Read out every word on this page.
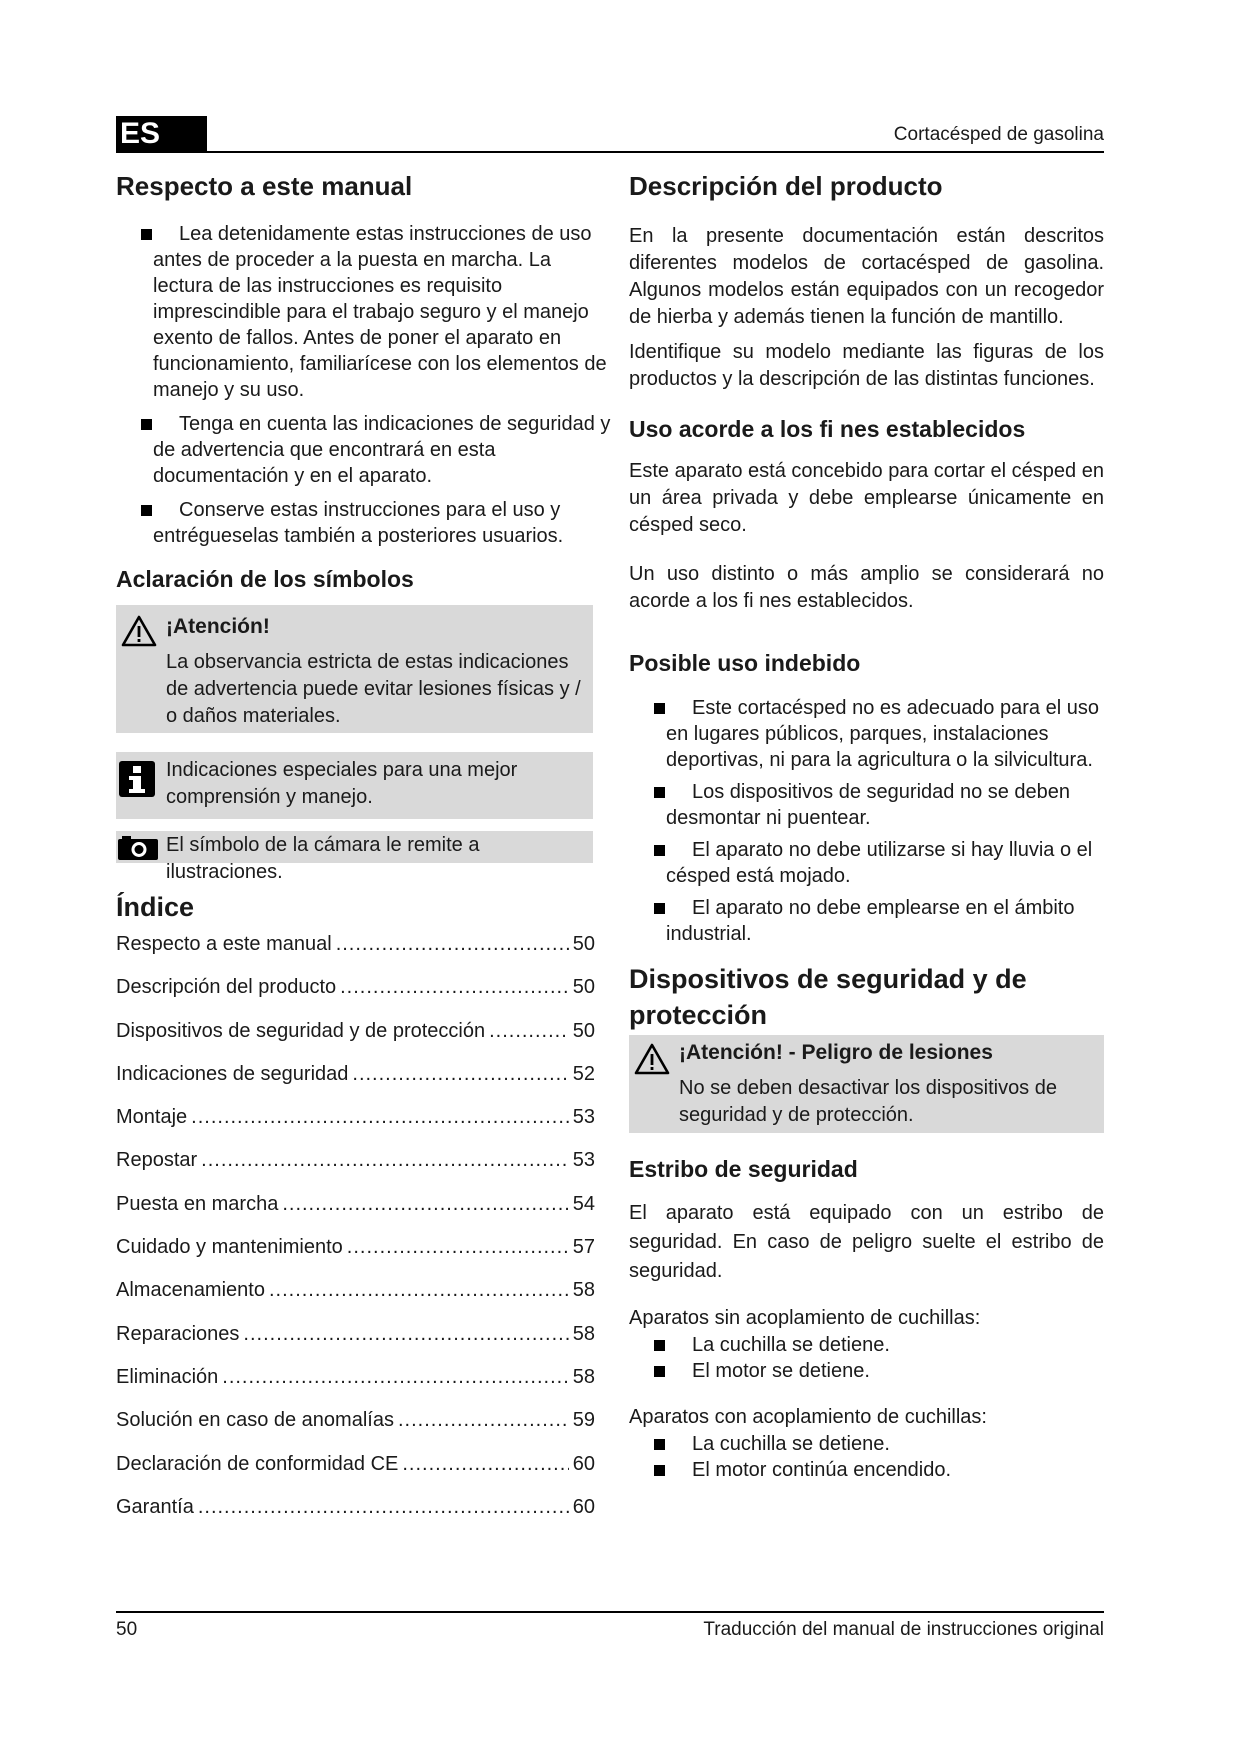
ES	Cortacésped de gasolina
Respecto a este manual
Lea detenidamente estas instrucciones de uso antes de proceder a la puesta en marcha. La lectura de las instrucciones es requisito imprescindible para el trabajo seguro y el manejo exento de fallos. Antes de poner el aparato en funcionamiento, familiarícese con los elementos de manejo y su uso.
Tenga en cuenta las indicaciones de seguridad y de advertencia que encontrará en esta documentación y en el aparato.
Conserve estas instrucciones para el uso y entrégueselas también a posteriores usuarios.
Aclaración de los símbolos
¡Atención!
La observancia estricta de estas indicaciones de advertencia puede evitar lesiones físicas y / o daños materiales.
Indicaciones especiales para una mejor comprensión y manejo.
El símbolo de la cámara le remite a ilustraciones.
Índice
Respecto a este manual .....	50
Descripción del producto .....	50
Dispositivos de seguridad y de protección .....	50
Indicaciones de seguridad .....	52
Montaje .....	53
Repostar .....	53
Puesta en marcha .....	54
Cuidado y mantenimiento .....	57
Almacenamiento .....	58
Reparaciones .....	58
Eliminación .....	58
Solución en caso de anomalías .....	59
Declaración de conformidad CE .....	60
Garantía .....	60
Descripción del producto

En la presente documentación están descritos diferentes modelos de cortacésped de gasolina. Algunos modelos están equipados con un recogedor de hierba y además tienen la función de mantillo.

Identifique su modelo mediante las figuras de los productos y la descripción de las distintas funciones.

Uso acorde a los fi nes establecidos

Este aparato está concebido para cortar el césped en un área privada y debe emplearse únicamente en césped seco.

Un uso distinto o más amplio se considerará no acorde a los fi nes establecidos.

Posible uso indebido
Este cortacésped no es adecuado para el uso en lugares públicos, parques, instalaciones deportivas, ni para la agricultura o la silvicultura.
Los dispositivos de seguridad no se deben desmontar ni puentear.
El aparato no debe utilizarse si hay lluvia o el césped está mojado.
El aparato no debe emplearse en el ámbito industrial.
Dispositivos de seguridad y de protección
¡Atención! - Peligro de lesiones
No se deben desactivar los dispositivos de seguridad y de protección.
Estribo de seguridad

El aparato está equipado con un estribo de seguridad. En caso de peligro suelte el estribo de seguridad.

Aparatos sin acoplamiento de cuchillas:

La cuchilla se detiene.
El motor se detiene.

Aparatos con acoplamiento de cuchillas:

La cuchilla se detiene.
El motor continúa encendido.
50	Traducción del manual de instrucciones original
